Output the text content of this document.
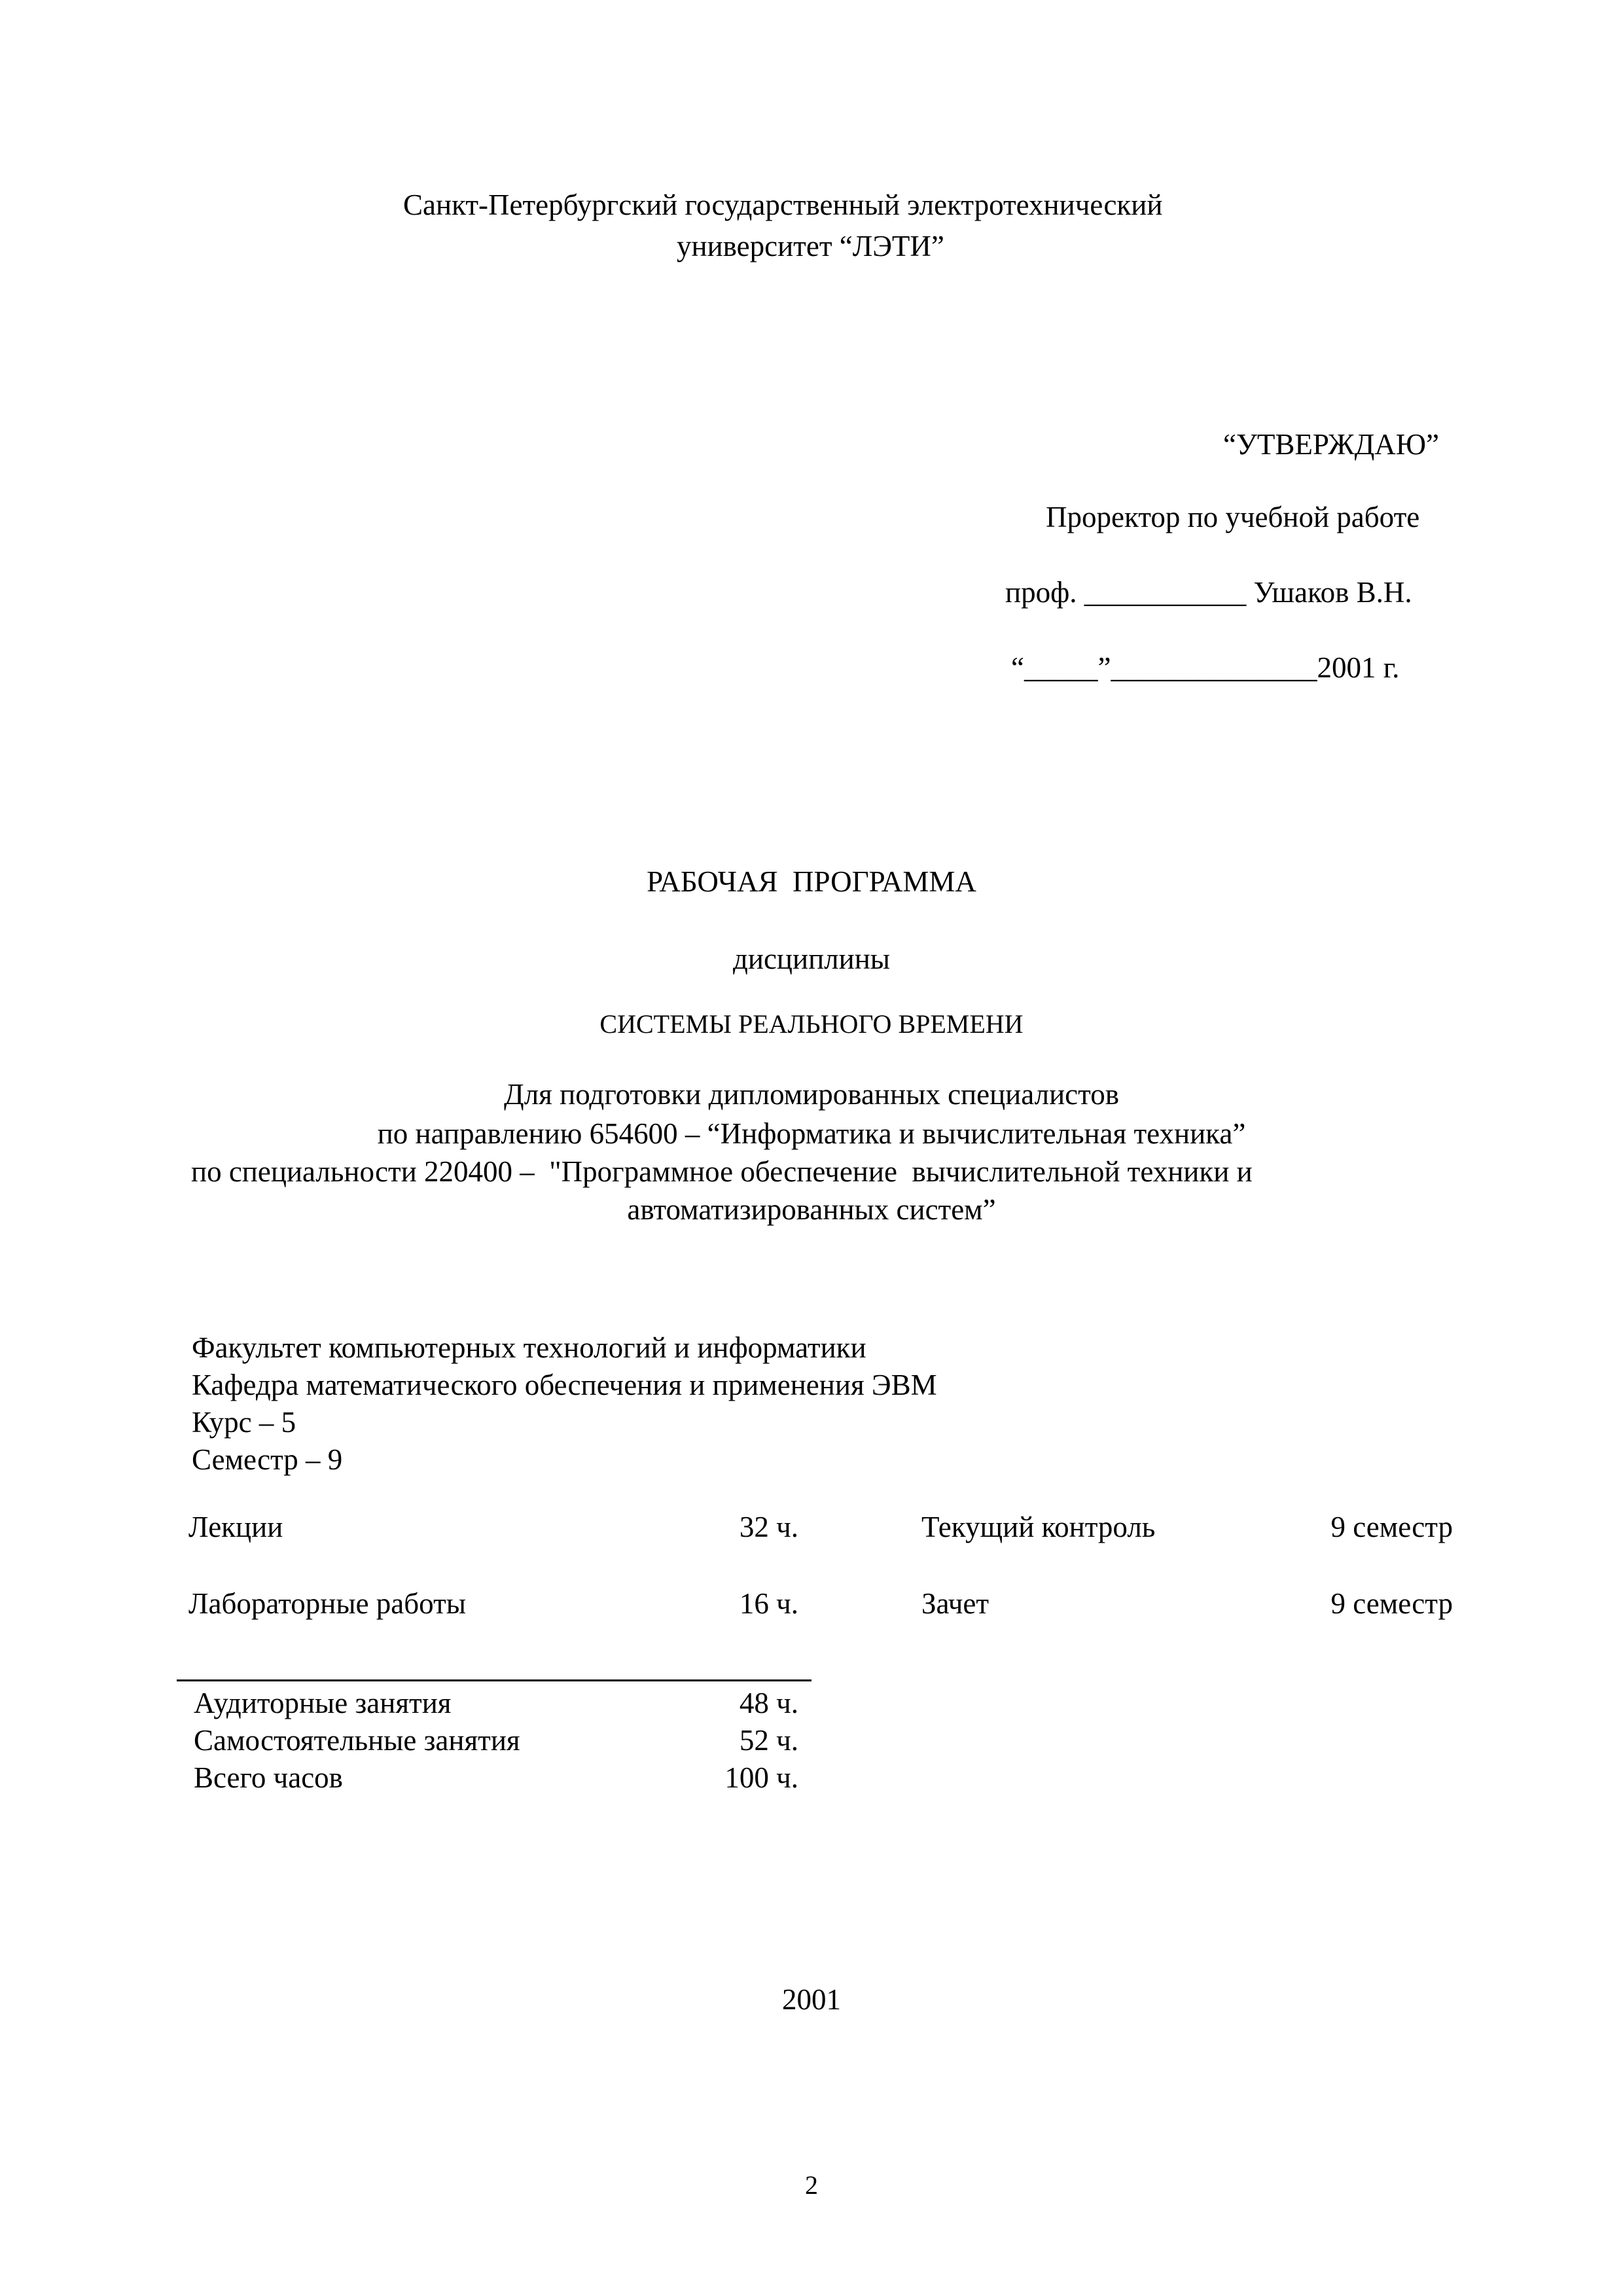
Санкт-Петербургский государственный электротехнический
университет “ЛЭТИ”
“УТВЕРЖДАЮ”
Проректор по учебной работе
проф. ___________ Ушаков В.Н.
“_____”______________2001 г.
РАБОЧАЯ  ПРОГРАММА
дисциплины
СИСТЕМЫ РЕАЛЬНОГО ВРЕМЕНИ
Для подготовки дипломированных специалистов
по направлению 654600 – “Информатика и вычислительная техника”
по специальности 220400 –  "Программное обеспечение  вычислительной техники и
автоматизированных систем”
Факультет компьютерных технологий и информатики
Кафедра математического обеспечения и применения ЭВМ
Курс – 5
Семестр – 9
Лекции	32 ч.	Текущий контроль	9 семестр
Лабораторные работы	16 ч.	Зачет	9 семестр
Аудиторные занятия	48 ч.
Самостоятельные занятия	52 ч.
Всего часов	100 ч.
2001
2
